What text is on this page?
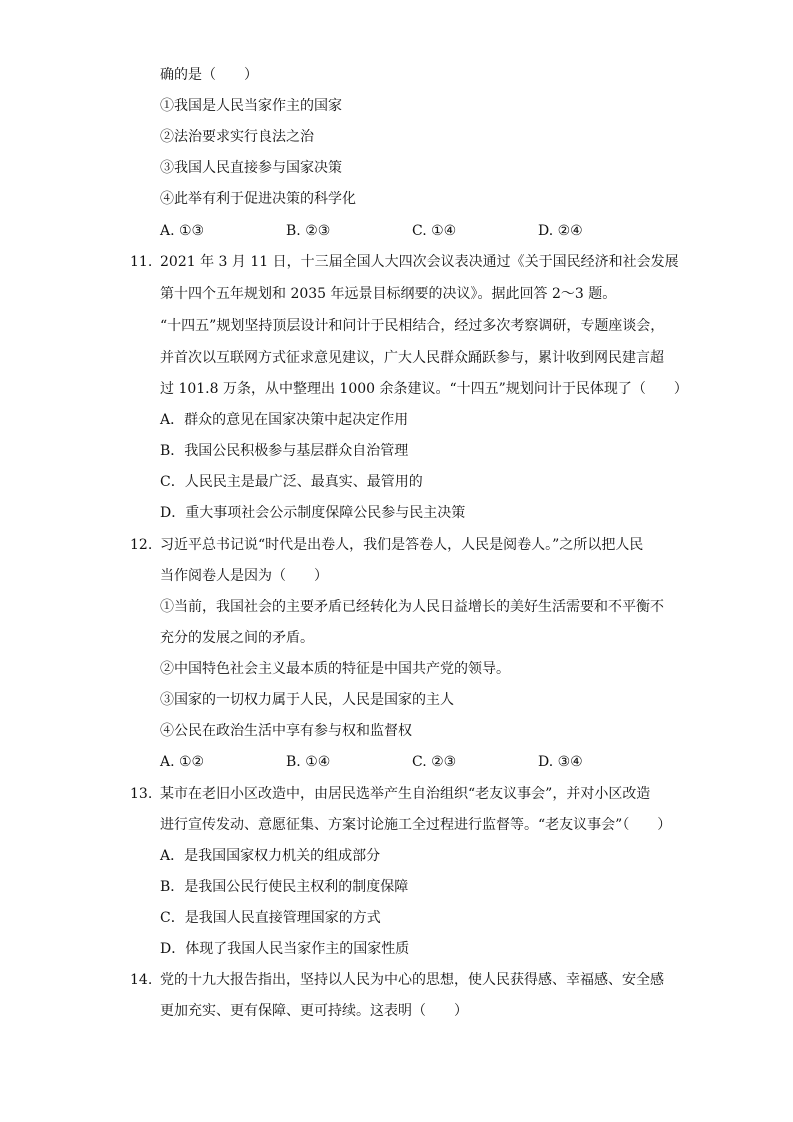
确的是（　　）
①我国是人民当家作主的国家
②法治要求实行良法之治
③我国人民直接参与国家决策
④此举有利于促进决策的科学化
A. ①③	B. ②③	C. ①④	D. ②④
11. 2021 年 3 月 11 日，十三届全国人大四次会议表决通过《关于国民经济和社会发展
第十四个五年规划和 2035 年远景目标纲要的决议》。据此回答 2～3 题。
“十四五”规划坚持顶层设计和问计于民相结合，经过多次考察调研，专题座谈会，
并首次以互联网方式征求意见建议，广大人民群众踊跃参与，累计收到网民建言超
过 101.8 万条，从中整理出 1000 余条建议。“十四五”规划问计于民体现了（　　）
A．群众的意见在国家决策中起决定作用
B．我国公民积极参与基层群众自治管理
C．人民民主是最广泛、最真实、最管用的
D．重大事项社会公示制度保障公民参与民主决策
12. 习近平总书记说“时代是出卷人，我们是答卷人，人民是阅卷人。”之所以把人民
当作阅卷人是因为（　　）
①当前，我国社会的主要矛盾已经转化为人民日益增长的美好生活需要和不平衡不
充分的发展之间的矛盾。
②中国特色社会主义最本质的特征是中国共产党的领导。
③国家的一切权力属于人民，人民是国家的主人
④公民在政治生活中享有参与权和监督权
A. ①②	B. ①④	C. ②③	D. ③④
13. 某市在老旧小区改造中，由居民选举产生自治组织“老友议事会”，并对小区改造
进行宣传发动、意愿征集、方案讨论施工全过程进行监督等。“老友议事会”（　　）
A．是我国国家权力机关的组成部分
B．是我国公民行使民主权利的制度保障
C．是我国人民直接管理国家的方式
D．体现了我国人民当家作主的国家性质
14. 党的十九大报告指出，坚持以人民为中心的思想，使人民获得感、幸福感、安全感
更加充实、更有保障、更可持续。这表明（　　）
